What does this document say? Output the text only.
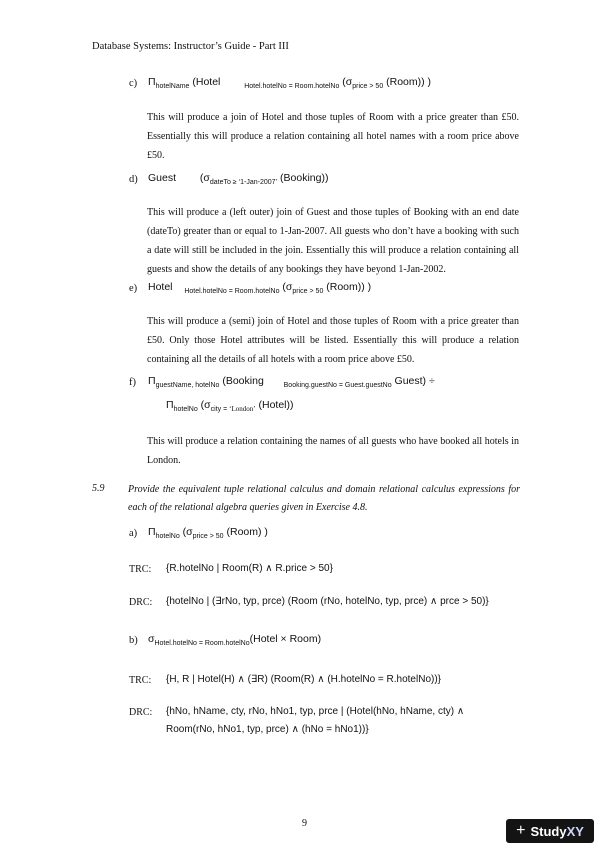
Database Systems: Instructor’s Guide - Part III
c) $\Pi_{hotelName}$ (Hotel	$_{Hotel.hotelNo = Room.hotelNo}$ ($\sigma_{price > 50}$ (Room)) )
This will produce a join of Hotel and those tuples of Room with a price greater than £50. Essentially this will produce a relation containing all hotel names with a room price above £50.
d) Guest ($\sigma_{dateTo \ge ‘1-Jan-2007’}$ (Booking))
This will produce a (left outer) join of Guest and those tuples of Booking with an end date (dateTo) greater than or equal to 1-Jan-2007. All guests who don’t have a booking with such a date will still be included in the join. Essentially this will produce a relation containing all guests and show the details of any bookings they have beyond 1-Jan-2002.
e) Hotel $_{Hotel.hotelNo = Room.hotelNo}$ ($\sigma_{price > 50}$ (Room)) )
This will produce a (semi) join of Hotel and those tuples of Room with a price greater than £50. Only those Hotel attributes will be listed. Essentially this will produce a relation containing all the details of all hotels with a room price above £50.
f) $\Pi_{guestName, hotelNo}$ (Booking	$_{Booking.guestNo = Guest.guestNo}$ Guest) ÷
$\Pi_{hotelNo}$ ($\sigma_{city =}$ $_{‘London’}$ (Hotel))
This will produce a relation containing the names of all guests who have booked all hotels in London.
5.9 Provide the equivalent tuple relational calculus and domain relational calculus expressions for each of the relational algebra queries given in Exercise 4.8.
a) $\Pi_{hotelNo}$ ($\sigma_{price > 50}$ (Room) )
TRC: {R.hotelNo | Room(R) ∧ R.price > 50}
DRC: {hotelNo | (∃rNo, typ, prce) (Room (rNo, hotelNo, typ, prce) ∧ prce > 50)}
b) $\sigma_{Hotel.hotelNo = Room.hotelNo}(Hotel$ × Room)
TRC: {H, R | Hotel(H) ∧ (∃R) (Room(R) ∧ (H.hotelNo = R.hotelNo))}
DRC: {hNo, hName, cty, rNo, hNo1, typ, prce | (Hotel(hNo, hName, cty) ∧
Room(rNo, hNo1, typ, prce) ∧ (hNo = hNo1))}
9	+ StudyXY
